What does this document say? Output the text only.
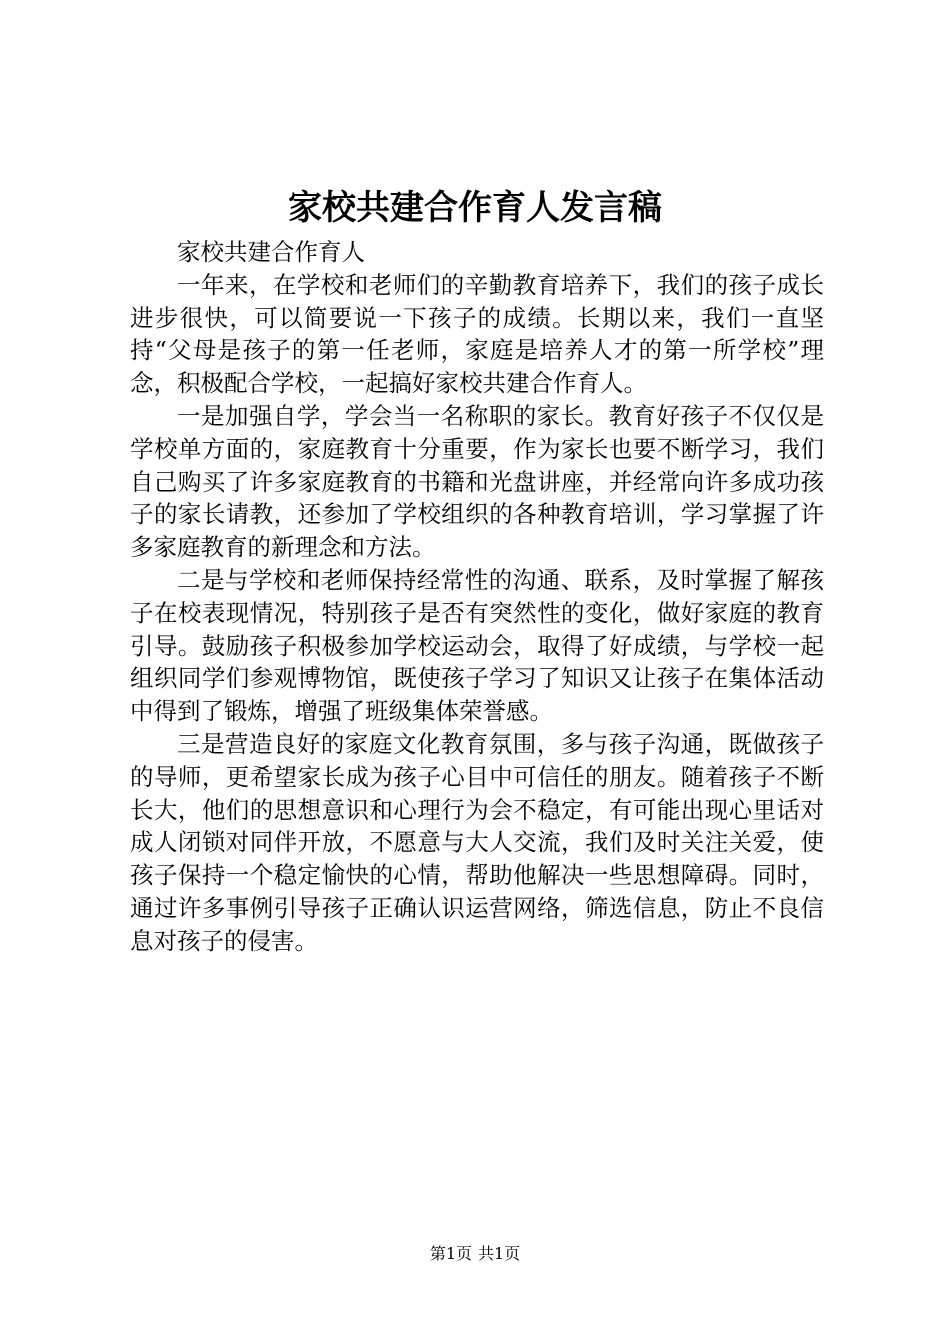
家校共建合作育人发言稿

家校共建合作育人

一年来，在学校和老师们的辛勤教育培养下，我们的孩子成长进步很快，可以简要说一下孩子的成绩。长期以来，我们一直坚持“父母是孩子的第一任老师，家庭是培养人才的第一所学校”理念，积极配合学校，一起搞好家校共建合作育人。

一是加强自学，学会当一名称职的家长。教育好孩子不仅仅是学校单方面的，家庭教育十分重要，作为家长也要不断学习，我们自己购买了许多家庭教育的书籍和光盘讲座，并经常向许多成功孩子的家长请教，还参加了学校组织的各种教育培训，学习掌握了许多家庭教育的新理念和方法。

二是与学校和老师保持经常性的沟通、联系，及时掌握了解孩子在校表现情况，特别孩子是否有突然性的变化，做好家庭的教育引导。鼓励孩子积极参加学校运动会，取得了好成绩，与学校一起组织同学们参观博物馆，既使孩子学习了知识又让孩子在集体活动中得到了锻炼，增强了班级集体荣誉感。

三是营造良好的家庭文化教育氛围，多与孩子沟通，既做孩子的导师，更希望家长成为孩子心目中可信任的朋友。随着孩子不断长大，他们的思想意识和心理行为会不稳定，有可能出现心里话对成人闭锁对同伴开放，不愿意与大人交流，我们及时关注关爱，使孩子保持一个稳定愉快的心情，帮助他解决一些思想障碍。同时，通过许多事例引导孩子正确认识运营网络，筛选信息，防止不良信息对孩子的侵害。

第1页 共1页
